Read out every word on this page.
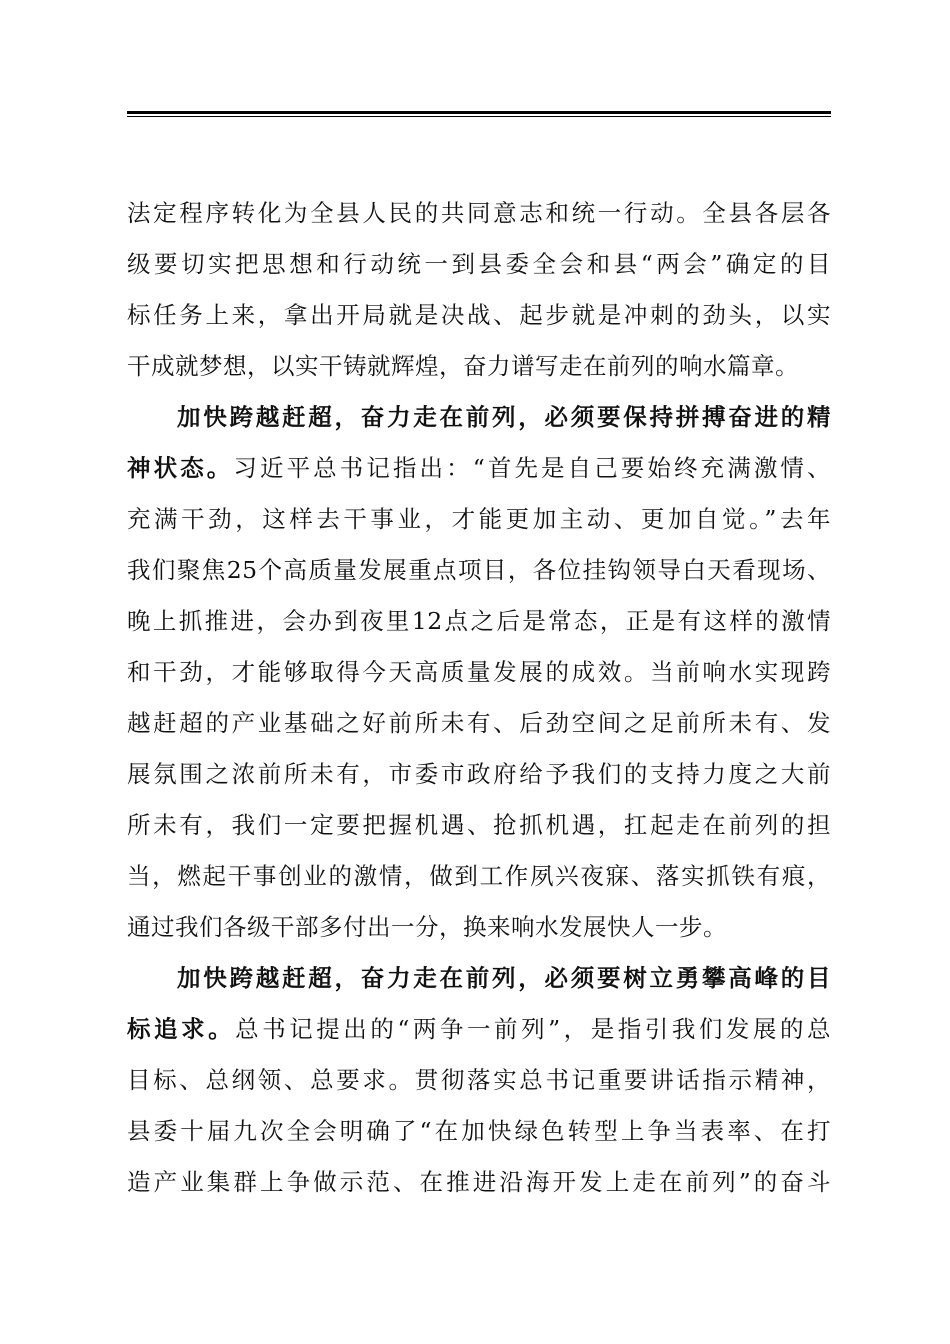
法定程序转化为全县人民的共同意志和统一行动。全县各层各
级要切实把思想和行动统一到县委全会和县“两会”确定的目
标任务上来，拿出开局就是决战、起步就是冲刺的劲头，以实
干成就梦想，以实干铸就辉煌，奋力谱写走在前列的响水篇章。
加快跨越赶超，奋力走在前列，必须要保持拼搏奋进的精
神状态。习近平总书记指出：“首先是自己要始终充满激情、
充满干劲，这样去干事业，才能更加主动、更加自觉。”去年
我们聚焦25个高质量发展重点项目，各位挂钩领导白天看现场、
晚上抓推进，会办到夜里12点之后是常态，正是有这样的激情
和干劲，才能够取得今天高质量发展的成效。当前响水实现跨
越赶超的产业基础之好前所未有、后劲空间之足前所未有、发
展氛围之浓前所未有，市委市政府给予我们的支持力度之大前
所未有，我们一定要把握机遇、抢抓机遇，扛起走在前列的担
当，燃起干事创业的激情，做到工作夙兴夜寐、落实抓铁有痕，
通过我们各级干部多付出一分，换来响水发展快人一步。
加快跨越赶超，奋力走在前列，必须要树立勇攀高峰的目
标追求。总书记提出的“两争一前列”，是指引我们发展的总
目标、总纲领、总要求。贯彻落实总书记重要讲话指示精神，
县委十届九次全会明确了“在加快绿色转型上争当表率、在打
造产业集群上争做示范、在推进沿海开发上走在前列”的奋斗
